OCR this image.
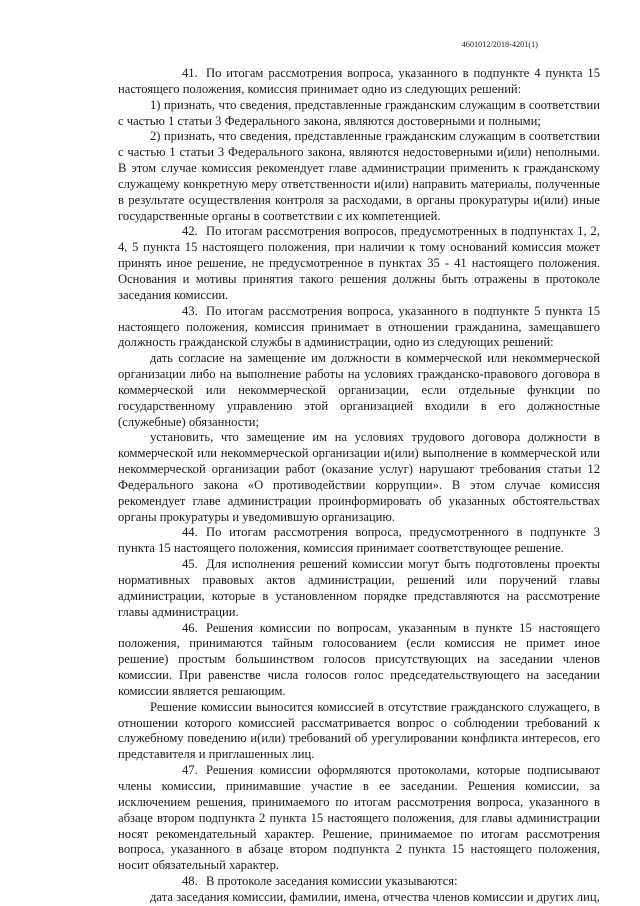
4601012/2018-4201(1)

41. По итогам рассмотрения вопроса, указанного в подпункте 4 пункта 15 настоящего положения, комиссия принимает одно из следующих решений:

1) признать, что сведения, представленные гражданским служащим в соответствии с частью 1 статьи 3 Федерального закона, являются достоверными и полными;

2) признать, что сведения, представленные гражданским служащим в соответствии с частью 1 статьи 3 Федерального закона, являются недостоверными и(или) неполными. В этом случае комиссия рекомендует главе администрации применить к гражданскому служащему конкретную меру ответственности и(или) направить материалы, полученные в результате осуществления контроля за расходами, в органы прокуратуры и(или) иные государственные органы в соответствии с их компетенцией.

42. По итогам рассмотрения вопросов, предусмотренных в подпунктах 1, 2, 4, 5 пункта 15 настоящего положения, при наличии к тому оснований комиссия может принять иное решение, не предусмотренное в пунктах 35 - 41 настоящего положения. Основания и мотивы принятия такого решения должны быть отражены в протоколе заседания комиссии.

43. По итогам рассмотрения вопроса, указанного в подпункте 5 пункта 15 настоящего положения, комиссия принимает в отношении гражданина, замещавшего должность гражданской службы в администрации, одно из следующих решений:

дать согласие на замещение им должности в коммерческой или некоммерческой организации либо на выполнение работы на условиях гражданско-правового договора в коммерческой или некоммерческой организации, если отдельные функции по государственному управлению этой организацией входили в его должностные (служебные) обязанности;

установить, что замещение им на условиях трудового договора должности в коммерческой или некоммерческой организации и(или) выполнение в коммерческой или некоммерческой организации работ (оказание услуг) нарушают требования статьи 12 Федерального закона «О противодействии коррупции». В этом случае комиссия рекомендует главе администрации проинформировать об указанных обстоятельствах органы прокуратуры и уведомившую организацию.

44. По итогам рассмотрения вопроса, предусмотренного в подпункте 3 пункта 15 настоящего положения, комиссия принимает соответствующее решение.

45. Для исполнения решений комиссии могут быть подготовлены проекты нормативных правовых актов администрации, решений или поручений главы администрации, которые в установленном порядке представляются на рассмотрение главы администрации.

46. Решения комиссии по вопросам, указанным в пункте 15 настоящего положения, принимаются тайным голосованием (если комиссия не примет иное решение) простым большинством голосов присутствующих на заседании членов комиссии. При равенстве числа голосов голос председательствующего на заседании комиссии является решающим.

Решение комиссии выносится комиссией в отсутствие гражданского служащего, в отношении которого комиссией рассматривается вопрос о соблюдении требований к служебному поведению и(или) требований об урегулировании конфликта интересов, его представителя и приглашенных лиц.

47. Решения комиссии оформляются протоколами, которые подписывают члены комиссии, принимавшие участие в ее заседании. Решения комиссии, за исключением решения, принимаемого по итогам рассмотрения вопроса, указанного в абзаце втором подпункта 2 пункта 15 настоящего положения, для главы администрации носят рекомендательный характер. Решение, принимаемое по итогам рассмотрения вопроса, указанного в абзаце втором подпункта 2 пункта 15 настоящего положения, носит обязательный характер.

48. В протоколе заседания комиссии указываются:

дата заседания комиссии, фамилии, имена, отчества членов комиссии и других лиц,
